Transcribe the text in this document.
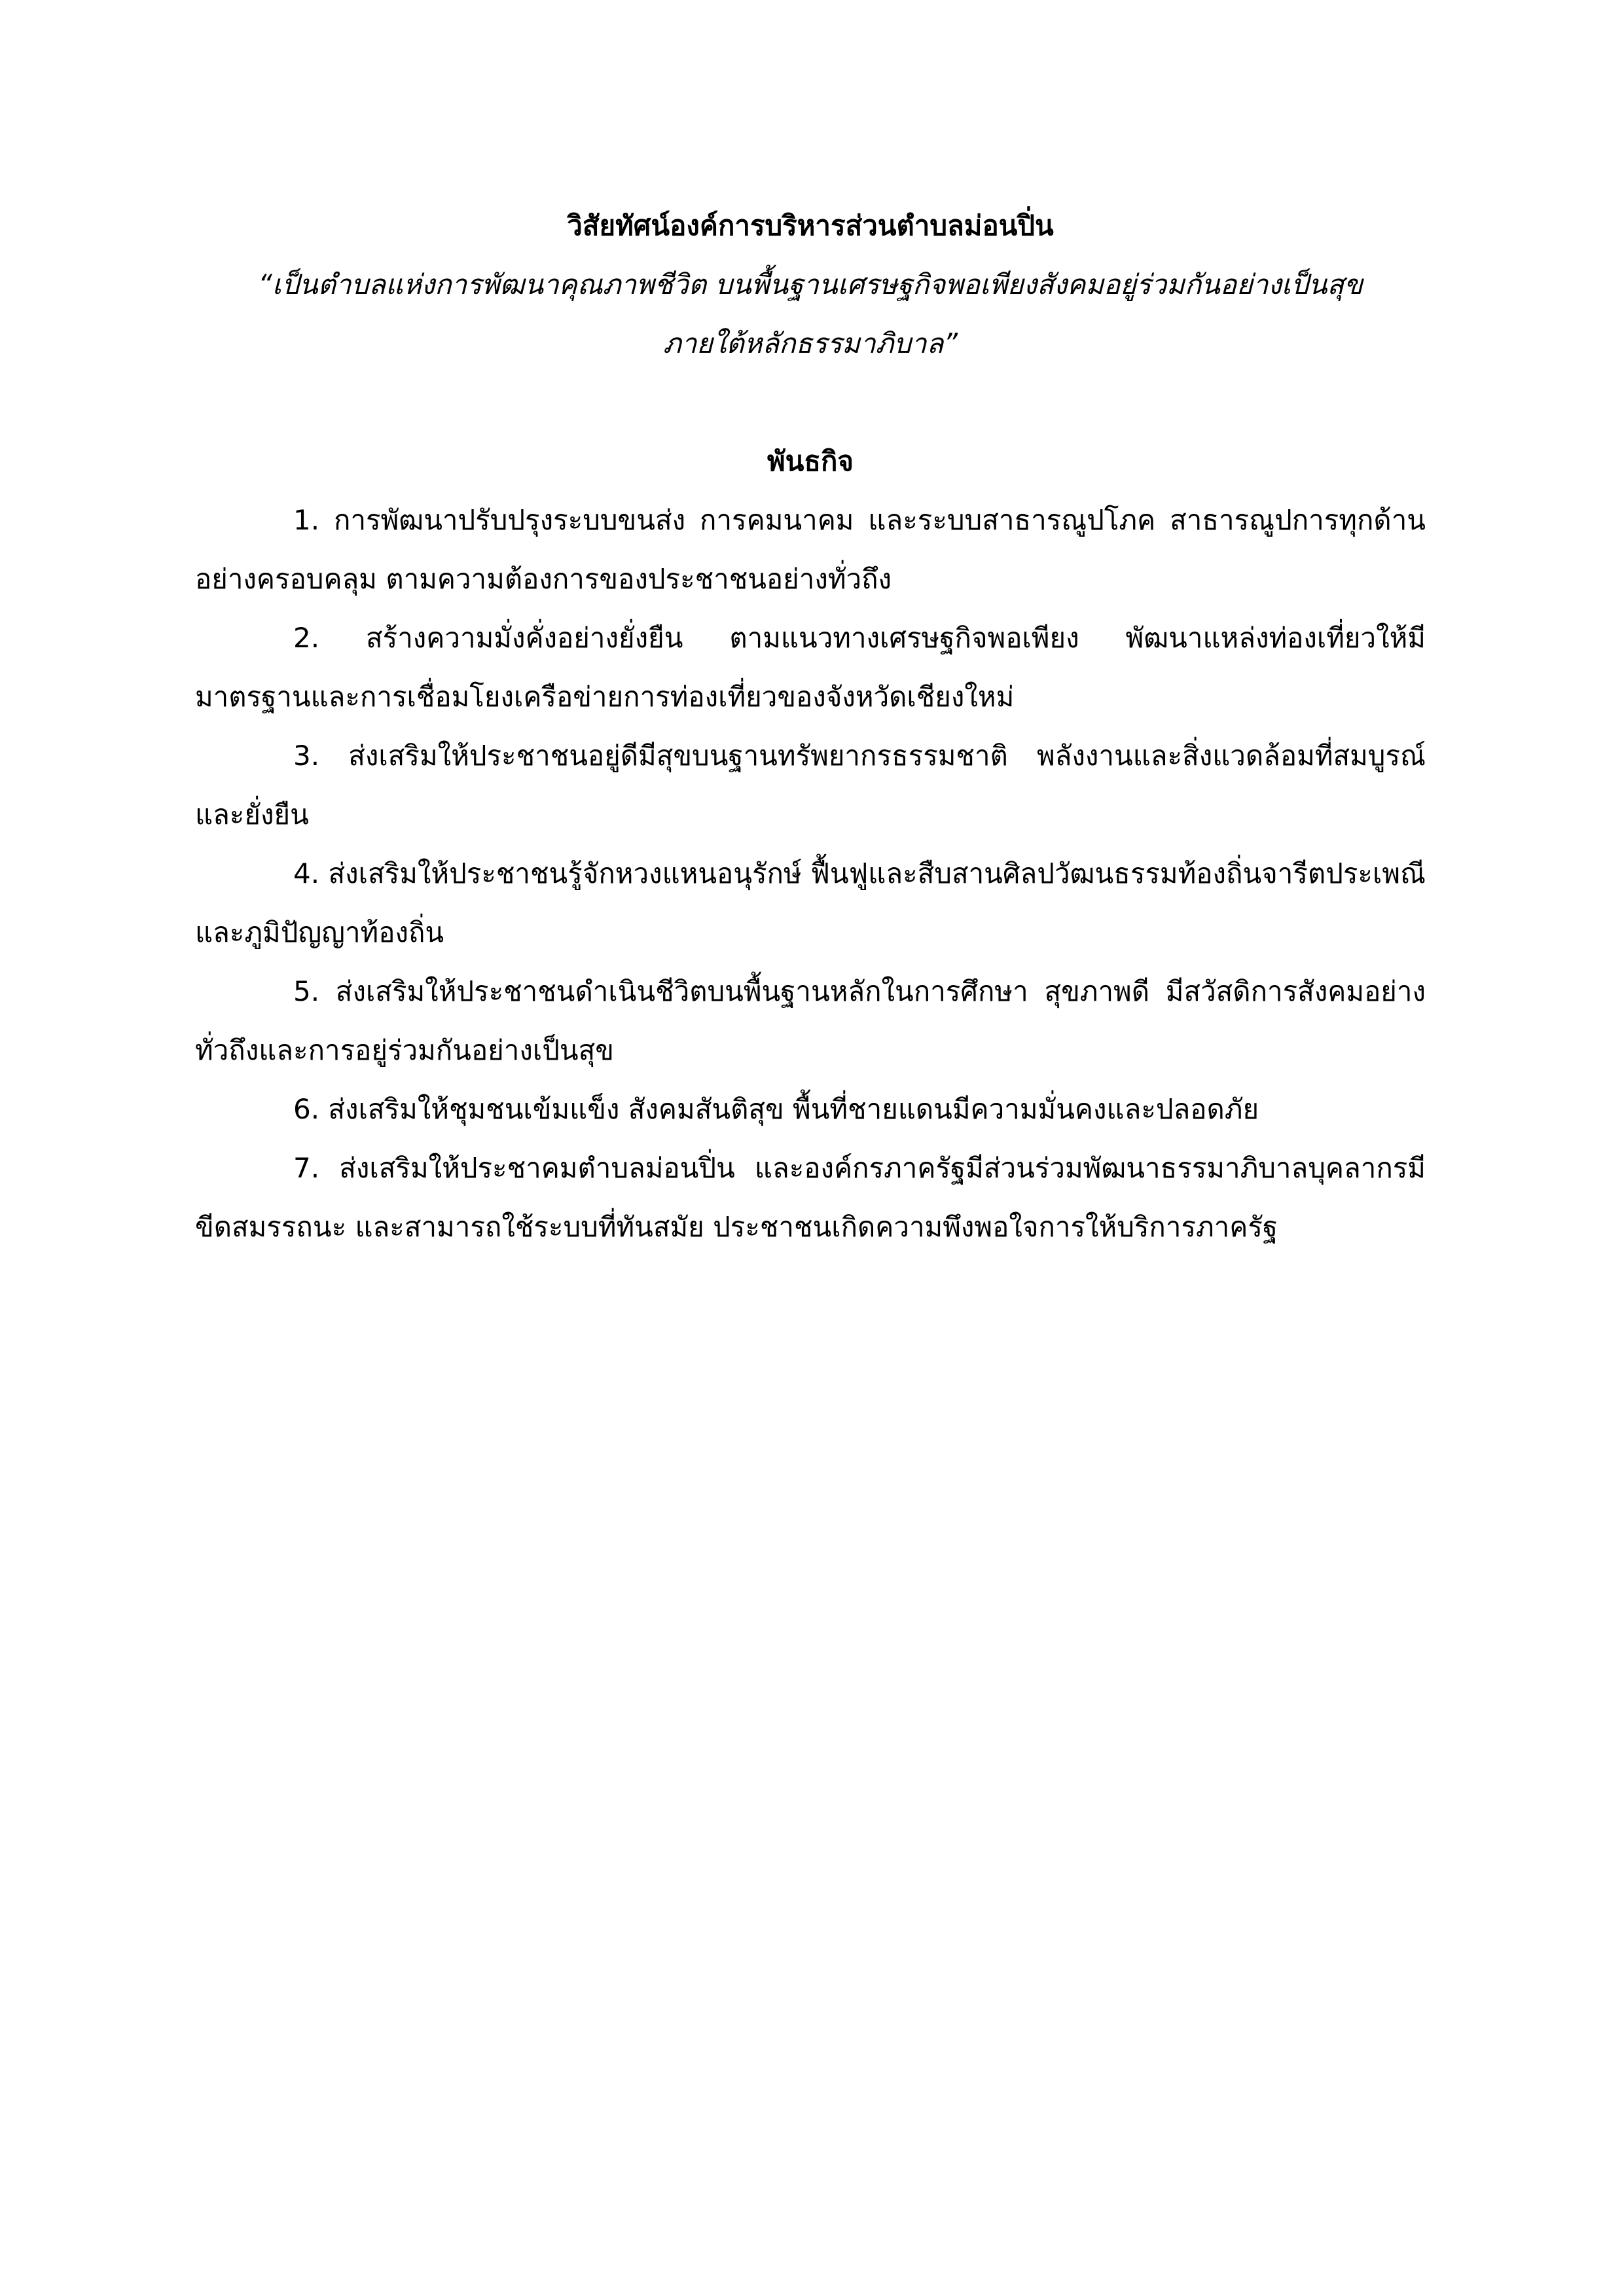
วิสัยทัศน์องค์การบริหารส่วนตำบลม่อนปิ่น

“เป็นตำบลแห่งการพัฒนาคุณภาพชีวิต บนพื้นฐานเศรษฐกิจพอเพียงสังคมอยู่ร่วมกันอย่างเป็นสุข

ภายใต้หลักธรรมาภิบาล”

พันธกิจ
1. การพัฒนาปรับปรุงระบบขนส่ง การคมนาคม และระบบสาธารณูปโภค สาธารณูปการทุกด้าน อย่างครอบคลุม ตามความต้องการของประชาชนอย่างทั่วถึง
2. สร้างความมั่งคั่งอย่างยั่งยืน ตามแนวทางเศรษฐกิจพอเพียง พัฒนาแหล่งท่องเที่ยวให้มีมาตรฐานและการเชื่อมโยงเครือข่ายการท่องเที่ยวของจังหวัดเชียงใหม่
3. ส่งเสริมให้ประชาชนอยู่ดีมีสุขบนฐานทรัพยากรธรรมชาติ พลังงานและสิ่งแวดล้อมที่สมบูรณ์และยั่งยืน
4. ส่งเสริมให้ประชาชนรู้จักหวงแหนอนุรักษ์ ฟื้นฟูและสืบสานศิลปวัฒนธรรมท้องถิ่นจารีตประเพณีและภูมิปัญญาท้องถิ่น
5. ส่งเสริมให้ประชาชนดำเนินชีวิตบนพื้นฐานหลักในการศึกษา สุขภาพดี มีสวัสดิการสังคมอย่างทั่วถึงและการอยู่ร่วมกันอย่างเป็นสุข
6. ส่งเสริมให้ชุมชนเข้มแข็ง สังคมสันติสุข พื้นที่ชายแดนมีความมั่นคงและปลอดภัย
7. ส่งเสริมให้ประชาคมตำบลม่อนปิ่น และองค์กรภาครัฐมีส่วนร่วมพัฒนาธรรมาภิบาลบุคลากรมีขีดสมรรถนะ และสามารถใช้ระบบที่ทันสมัย ประชาชนเกิดความพึงพอใจการให้บริการภาครัฐ
